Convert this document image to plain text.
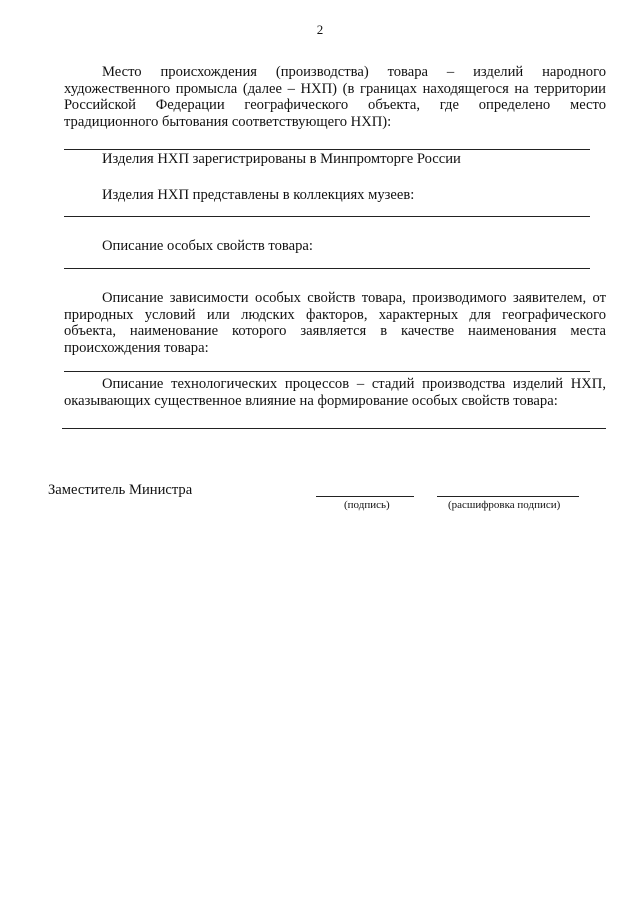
2

Место происхождения (производства) товара – изделий народного художественного промысла (далее – НХП) (в границах находящегося на территории Российской Федерации географического объекта, где определено место традиционного бытования соответствующего НХП):

Изделия НХП зарегистрированы в Минпромторге России
Изделия НХП представлены в коллекциях музеев:
Описание особых свойств товара:

Описание зависимости особых свойств товара, производимого заявителем, от природных условий или людских факторов, характерных для географического объекта, наименование которого заявляется в качестве наименования места происхождения товара:

Описание технологических процессов – стадий производства изделий НХП, оказывающих существенное влияние на формирование особых свойств товара:

Заместитель Министра
(подпись)	(расшифровка подписи)
